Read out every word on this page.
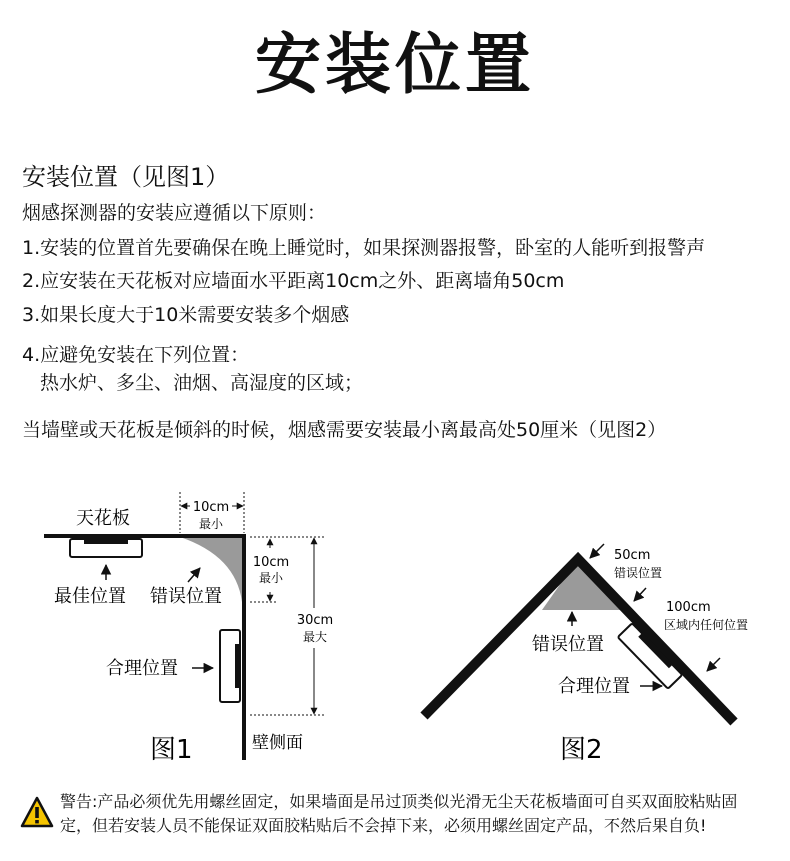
安装位置
安装位置（见图1）
烟感探测器的安装应遵循以下原则：
1.安装的位置首先要确保在晚上睡觉时，如果探测器报警，卧室的人能听到报警声
2.应安装在天花板对应墙面水平距离10cm之外、距离墙角50cm
3.如果长度大于10米需要安装多个烟感
4.应避免安装在下列位置：
热水炉、多尘、油烟、高湿度的区域；
当墙壁或天花板是倾斜的时候，烟感需要安装最小离最高处50厘米（见图2）
天花板
最佳位置 错误位置
10cm
最小
10cm
最小
30cm
最大
合理位置
壁侧面
图1
50cm
错误位置
100cm
区域内任何位置
错误位置
合理位置
图2
警告:产品必须优先用螺丝固定，如果墙面是吊过顶类似光滑无尘天花板墙面可自买双面胶粘贴固
定，但若安装人员不能保证双面胶粘贴后不会掉下来，必须用螺丝固定产品，不然后果自负!
